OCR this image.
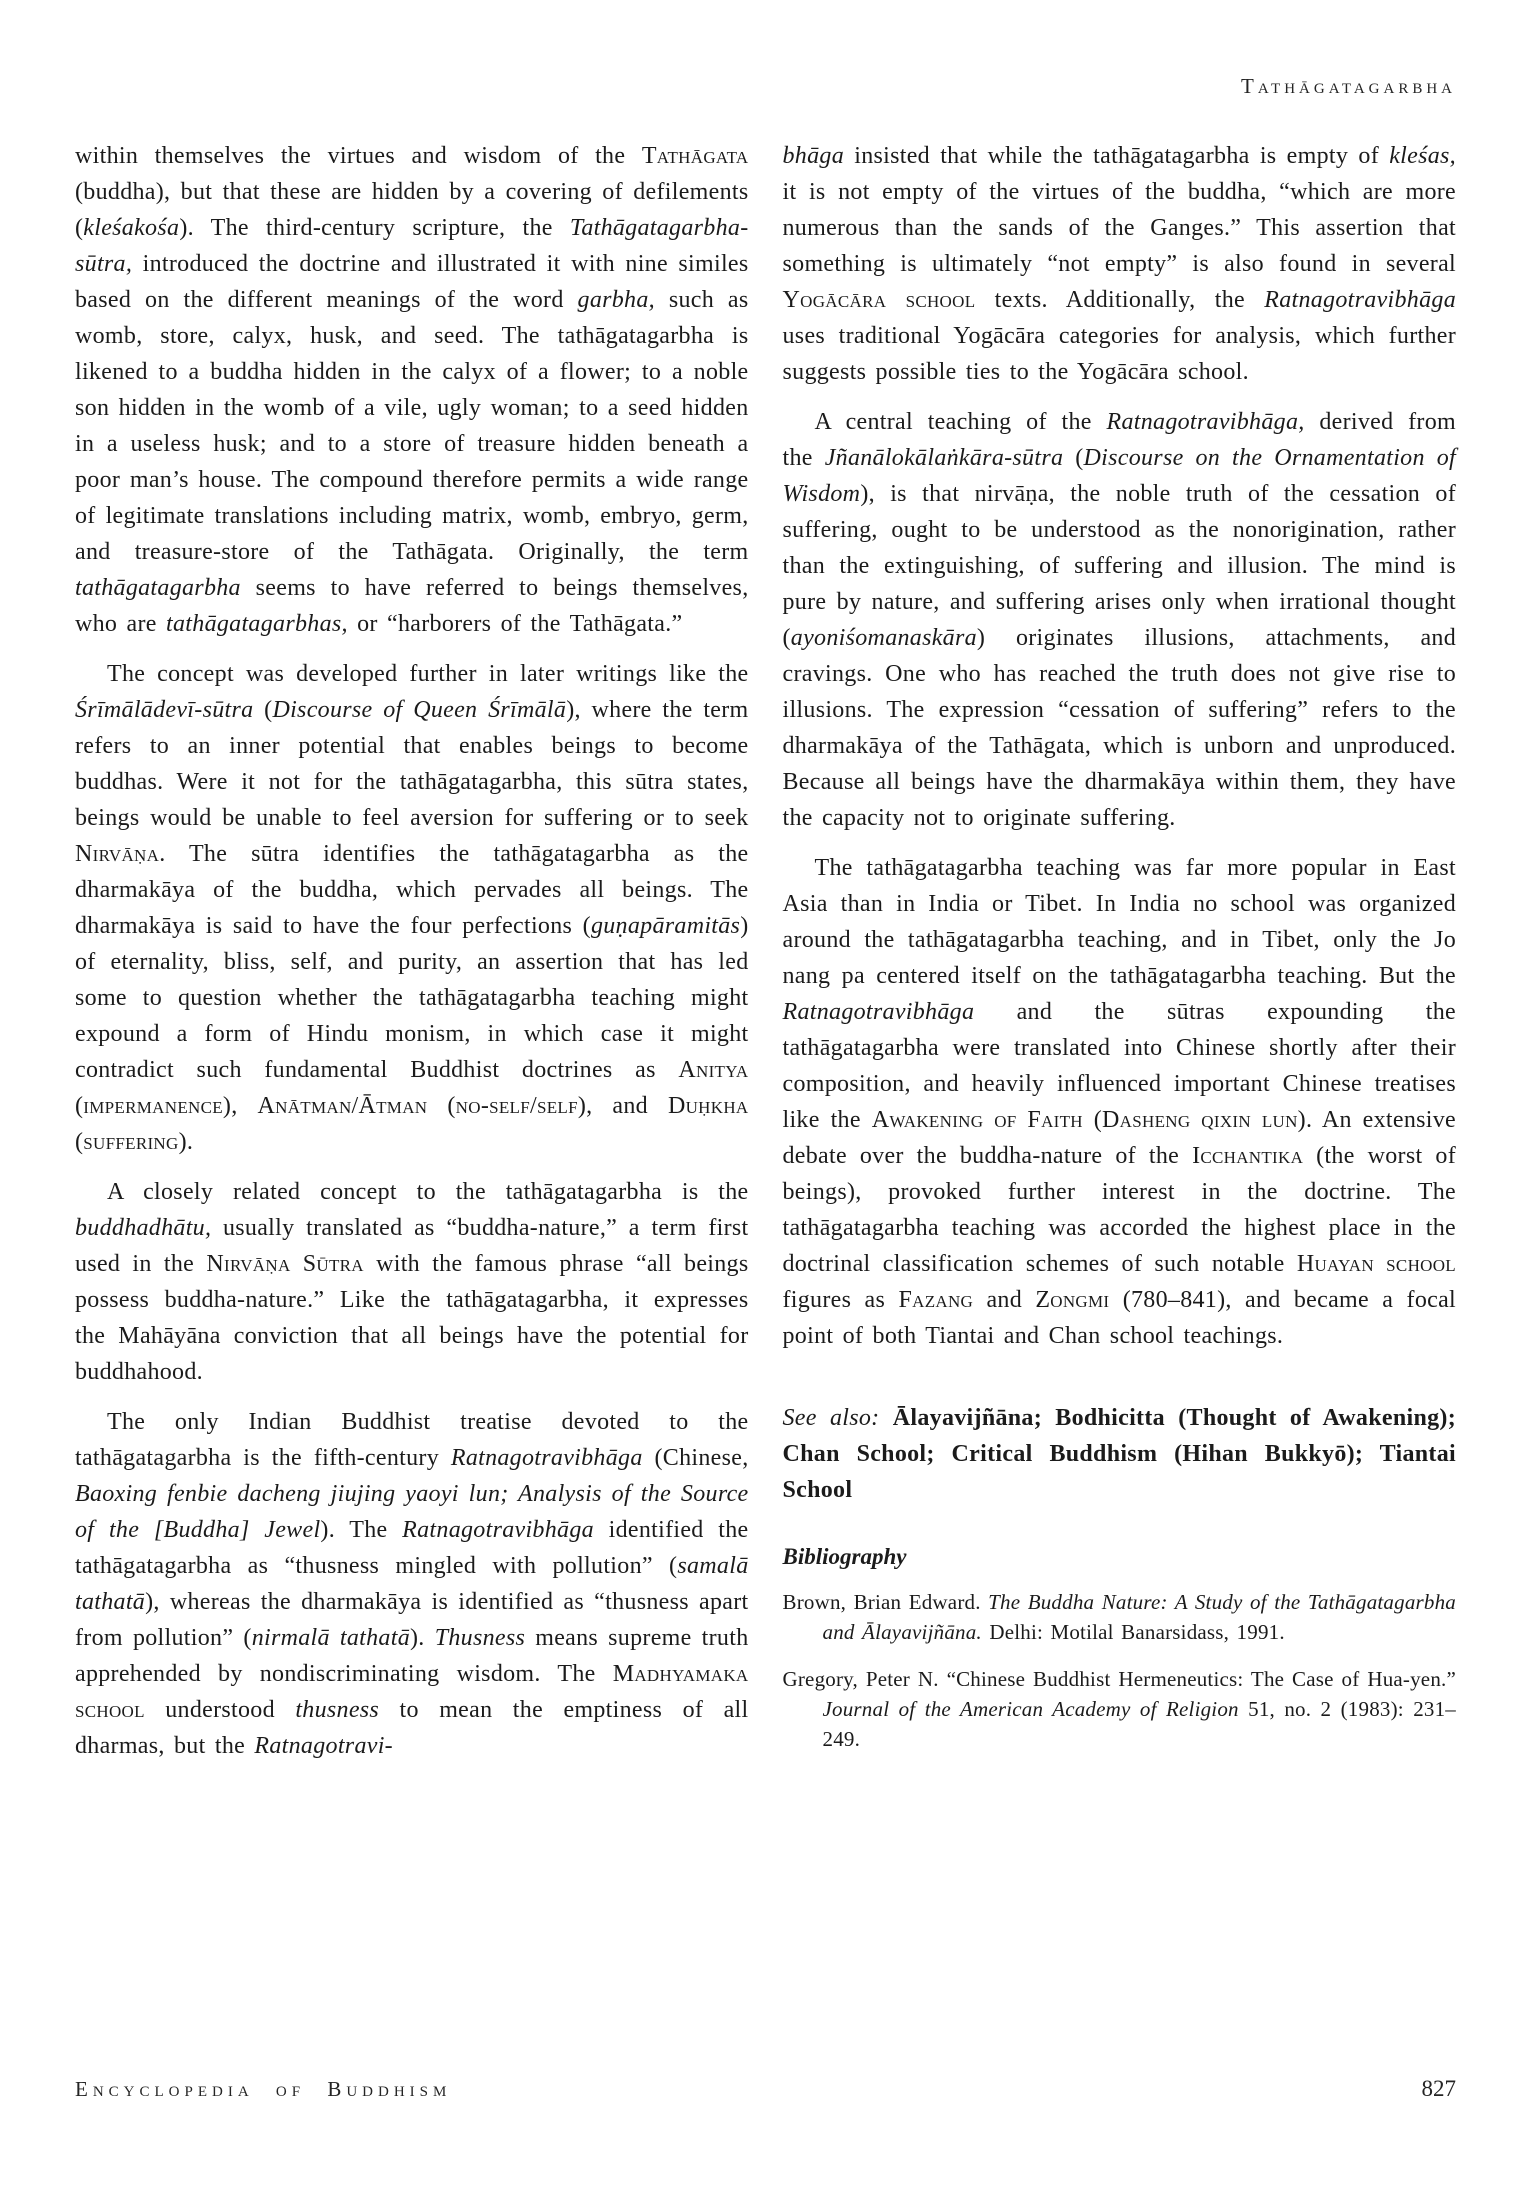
Tathāgatagarbha

within themselves the virtues and wisdom of the Tathāgata (buddha), but that these are hidden by a covering of defilements (kleśakośa). The third-century scripture, the Tathāgatagarbha-sūtra, introduced the doctrine and illustrated it with nine similes based on the different meanings of the word garbha, such as womb, store, calyx, husk, and seed. The tathāgatagarbha is likened to a buddha hidden in the calyx of a flower; to a noble son hidden in the womb of a vile, ugly woman; to a seed hidden in a useless husk; and to a store of treasure hidden beneath a poor man’s house. The compound therefore permits a wide range of legitimate translations including matrix, womb, embryo, germ, and treasure-store of the Tathāgata. Originally, the term tathāgatagarbha seems to have referred to beings themselves, who are tathāgatagarbhas, or “harborers of the Tathāgata.”

The concept was developed further in later writings like the Śrīmālādevī-sūtra (Discourse of Queen Śrīmālā), where the term refers to an inner potential that enables beings to become buddhas. Were it not for the tathāgatagarbha, this sūtra states, beings would be unable to feel aversion for suffering or to seek Nirvāṇa. The sūtra identifies the tathāgatagarbha as the dharmakāya of the buddha, which pervades all beings. The dharmakāya is said to have the four perfections (guṇapāramitās) of eternality, bliss, self, and purity, an assertion that has led some to question whether the tathāgatagarbha teaching might expound a form of Hindu monism, in which case it might contradict such fundamental Buddhist doctrines as Anitya (impermanence), Anātman/Ātman (no-self/self), and Duḥkha (suffering).

A closely related concept to the tathāgatagarbha is the buddhadhātu, usually translated as “buddha-nature,” a term first used in the Nirvāṇa Sūtra with the famous phrase “all beings possess buddha-nature.” Like the tathāgatagarbha, it expresses the Mahāyāna conviction that all beings have the potential for buddhahood.

The only Indian Buddhist treatise devoted to the tathāgatagarbha is the fifth-century Ratnagotravibhāga (Chinese, Baoxing fenbie dacheng jiujing yaoyi lun; Analysis of the Source of the [Buddha] Jewel). The Ratnagotravibhāga identified the tathāgatagarbha as “thusness mingled with pollution” (samalā tathatā), whereas the dharmakāya is identified as “thusness apart from pollution” (nirmalā tathatā). Thusness means supreme truth apprehended by nondiscriminating wisdom. The Madhyamaka school understood thusness to mean the emptiness of all dharmas, but the Ratnagotravi-

bhāga insisted that while the tathāgatagarbha is empty of kleśas, it is not empty of the virtues of the buddha, “which are more numerous than the sands of the Ganges.” This assertion that something is ultimately “not empty” is also found in several Yogācāra school texts. Additionally, the Ratnagotravibhāga uses traditional Yogācāra categories for analysis, which further suggests possible ties to the Yogācāra school.

A central teaching of the Ratnagotravibhāga, derived from the Jñanālokālaṅkāra-sūtra (Discourse on the Ornamentation of Wisdom), is that nirvāṇa, the noble truth of the cessation of suffering, ought to be understood as the nonorigination, rather than the extinguishing, of suffering and illusion. The mind is pure by nature, and suffering arises only when irrational thought (ayoniśomanaskāra) originates illusions, attachments, and cravings. One who has reached the truth does not give rise to illusions. The expression “cessation of suffering” refers to the dharmakāya of the Tathāgata, which is unborn and unproduced. Because all beings have the dharmakāya within them, they have the capacity not to originate suffering.

The tathāgatagarbha teaching was far more popular in East Asia than in India or Tibet. In India no school was organized around the tathāgatagarbha teaching, and in Tibet, only the Jo nang pa centered itself on the tathāgatagarbha teaching. But the Ratnagotravibhāga and the sūtras expounding the tathāgatagarbha were translated into Chinese shortly after their composition, and heavily influenced important Chinese treatises like the Awakening of Faith (Dasheng qixin lun). An extensive debate over the buddha-nature of the Icchantika (the worst of beings), provoked further interest in the doctrine. The tathāgatagarbha teaching was accorded the highest place in the doctrinal classification schemes of such notable Huayan school figures as Fazang and Zongmi (780–841), and became a focal point of both Tiantai and Chan school teachings.

See also: Ālayavijñāna; Bodhicitta (Thought of Awakening); Chan School; Critical Buddhism (Hihan Bukkyō); Tiantai School

Bibliography

Brown, Brian Edward. The Buddha Nature: A Study of the Tathāgatagarbha and Ālayavijñāna. Delhi: Motilal Banarsidass, 1991.

Gregory, Peter N. “Chinese Buddhist Hermeneutics: The Case of Hua-yen.” Journal of the American Academy of Religion 51, no. 2 (1983): 231–249.

Encyclopedia of Buddhism	827
